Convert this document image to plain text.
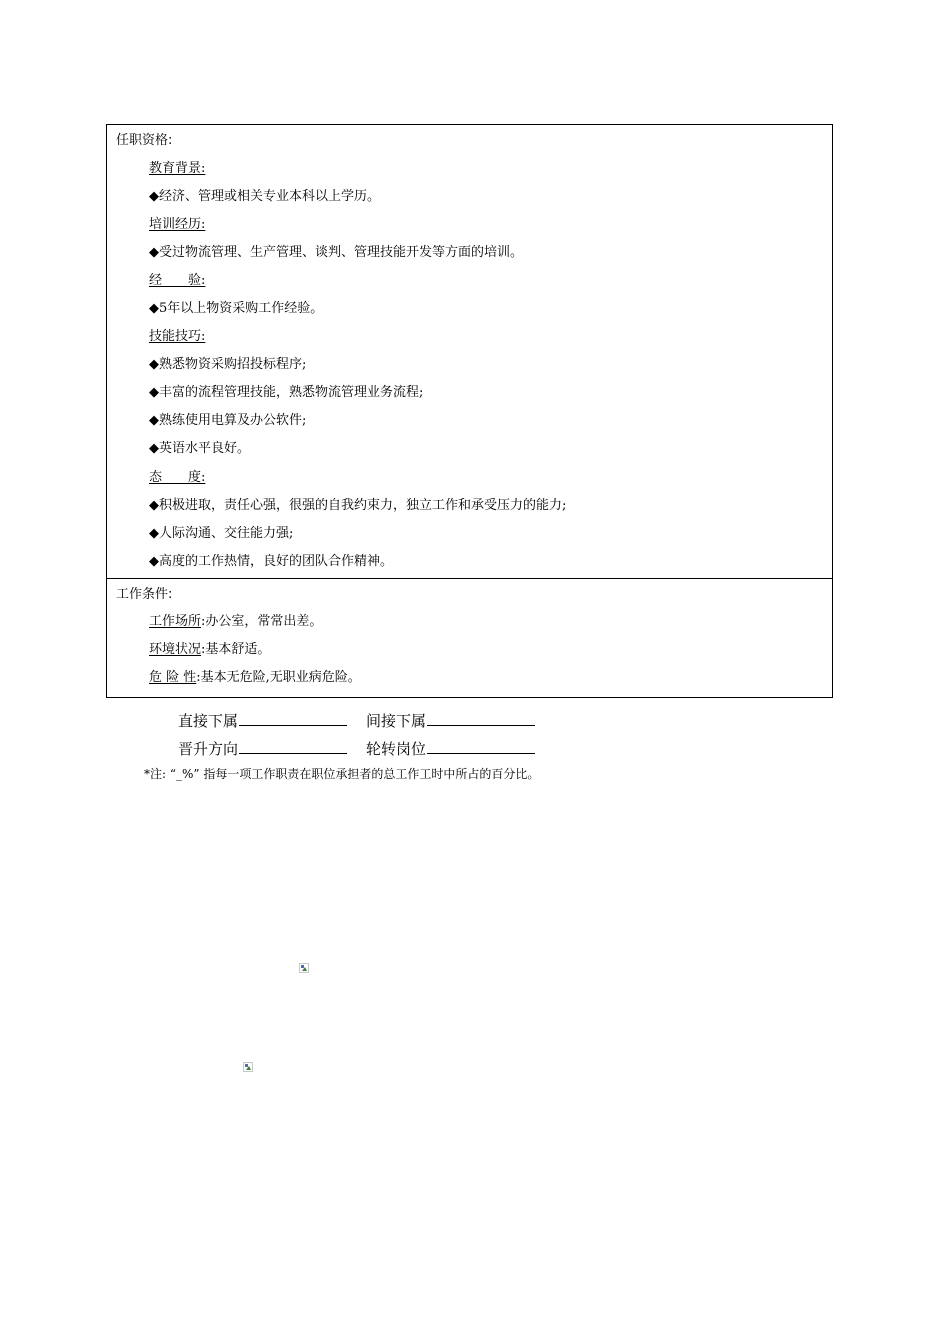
任职资格:
教育背景:
◆经济、管理或相关专业本科以上学历。
培训经历:
◆受过物流管理、生产管理、谈判、管理技能开发等方面的培训。
经　　验:
◆5年以上物资采购工作经验。
技能技巧:
◆熟悉物资采购招投标程序;
◆丰富的流程管理技能，熟悉物流管理业务流程;
◆熟练使用电算及办公软件;
◆英语水平良好。
态　　度:
◆积极进取，责任心强，很强的自我约束力，独立工作和承受压力的能力;
◆人际沟通、交往能力强;
◆高度的工作热情，良好的团队合作精神。
工作条件:
工作场所:办公室，常常出差。
环境状况:基本舒适。
危 险 性:基本无危险,无职业病危险。
直接下属	间接下属
晋升方向	轮转岗位
*注: “_%” 指每一项工作职责在职位承担者的总工作工时中所占的百分比。
